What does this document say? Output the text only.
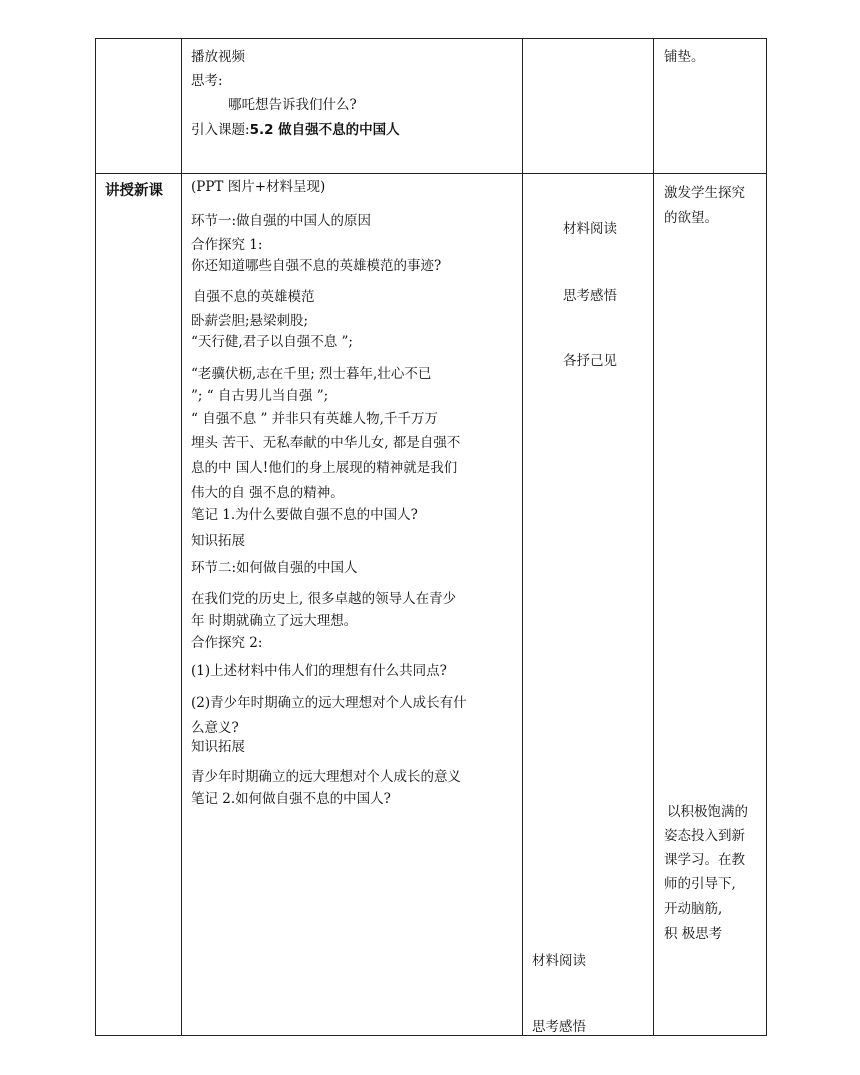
播放视频
思考:
哪吒想告诉我们什么?
引入课题:5.2 做自强不息的中国人
铺垫。
讲授新课 (PPT 图片+材料呈现)
环节一:做自强的中国人的原因
合作探究 1:
你还知道哪些自强不息的英雄模范的事迹?
自强不息的英雄模范
卧薪尝胆;悬梁刺股;
“天行健,君子以自强不息 ”;
“老骥伏枥,志在千里; 烈士暮年,壮心不已
”; “ 自古男儿当自强 ”;
“ 自强不息 ” 并非只有英雄人物,千千万万
埋头 苦干、无私奉献的中华儿女, 都是自强不
息的中 国人!他们的身上展现的精神就是我们
伟大的自 强不息的精神。
笔记 1.为什么要做自强不息的中国人?
知识拓展
环节二:如何做自强的中国人
在我们党的历史上, 很多卓越的领导人在青少
年 时期就确立了远大理想。
合作探究 2:
(1)上述材料中伟人们的理想有什么共同点?
(2)青少年时期确立的远大理想对个人成长有什
么意义?
知识拓展
青少年时期确立的远大理想对个人成长的意义
笔记 2.如何做自强不息的中国人?
材料阅读
思考感悟
各抒己见
材料阅读
思考感悟
激发学生探究
的欲望。
以积极饱满的
姿态投入到新
课学习。在教
师的引导下,
开动脑筋,
积 极思考
